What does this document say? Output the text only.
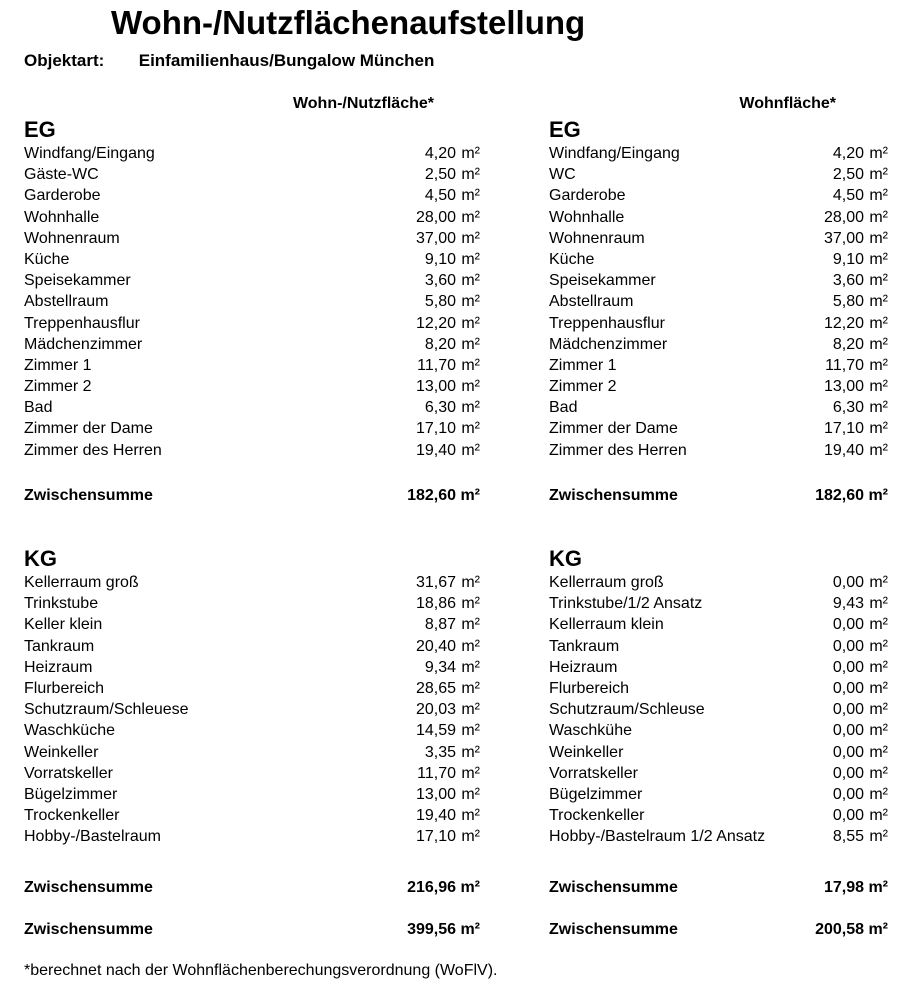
Wohn-/Nutzflächenaufstellung
Objektart: Einfamilienhaus/Bungalow München
Wohn-/Nutzfläche*
EG
Windfang/Eingang	4,20 m²
Gäste-WC	2,50 m²
Garderobe	4,50 m²
Wohnhalle	28,00 m²
Wohnenraum	37,00 m²
Küche	9,10 m²
Speisekammer	3,60 m²
Abstellraum	5,80 m²
Treppenhausflur	12,20 m²
Mädchenzimmer	8,20 m²
Zimmer 1	11,70 m²
Zimmer 2	13,00 m²
Bad	6,30 m²
Zimmer der Dame	17,10 m²
Zimmer des Herren	19,40 m²
Zwischensumme	182,60 m²
KG
Kellerraum groß	31,67 m²
Trinkstube	18,86 m²
Keller klein	8,87 m²
Tankraum	20,40 m²
Heizraum	9,34 m²
Flurbereich	28,65 m²
Schutzraum/Schleuese	20,03 m²
Waschküche	14,59 m²
Weinkeller	3,35 m²
Vorratskeller	11,70 m²
Bügelzimmer	13,00 m²
Trockenkeller	19,40 m²
Hobby-/Bastelraum	17,10 m²
Zwischensumme	216,96 m²
Zwischensumme	399,56 m²
Wohnfläche*
EG
Windfang/Eingang	4,20 m²
WC	2,50 m²
Garderobe	4,50 m²
Wohnhalle	28,00 m²
Wohnenraum	37,00 m²
Küche	9,10 m²
Speisekammer	3,60 m²
Abstellraum	5,80 m²
Treppenhausflur	12,20 m²
Mädchenzimmer	8,20 m²
Zimmer 1	11,70 m²
Zimmer 2	13,00 m²
Bad	6,30 m²
Zimmer der Dame	17,10 m²
Zimmer des Herren	19,40 m²
Zwischensumme	182,60 m²
KG
Kellerraum groß	0,00 m²
Trinkstube/1/2 Ansatz	9,43 m²
Kellerraum klein	0,00 m²
Tankraum	0,00 m²
Heizraum	0,00 m²
Flurbereich	0,00 m²
Schutzraum/Schleuse	0,00 m²
Waschkühe	0,00 m²
Weinkeller	0,00 m²
Vorratskeller	0,00 m²
Bügelzimmer	0,00 m²
Trockenkeller	0,00 m²
Hobby-/Bastelraum 1/2 Ansatz	8,55 m²
Zwischensumme	17,98 m²
Zwischensumme	200,58 m²
*berechnet nach der Wohnflächenberechungsverordnung (WoFlV).
